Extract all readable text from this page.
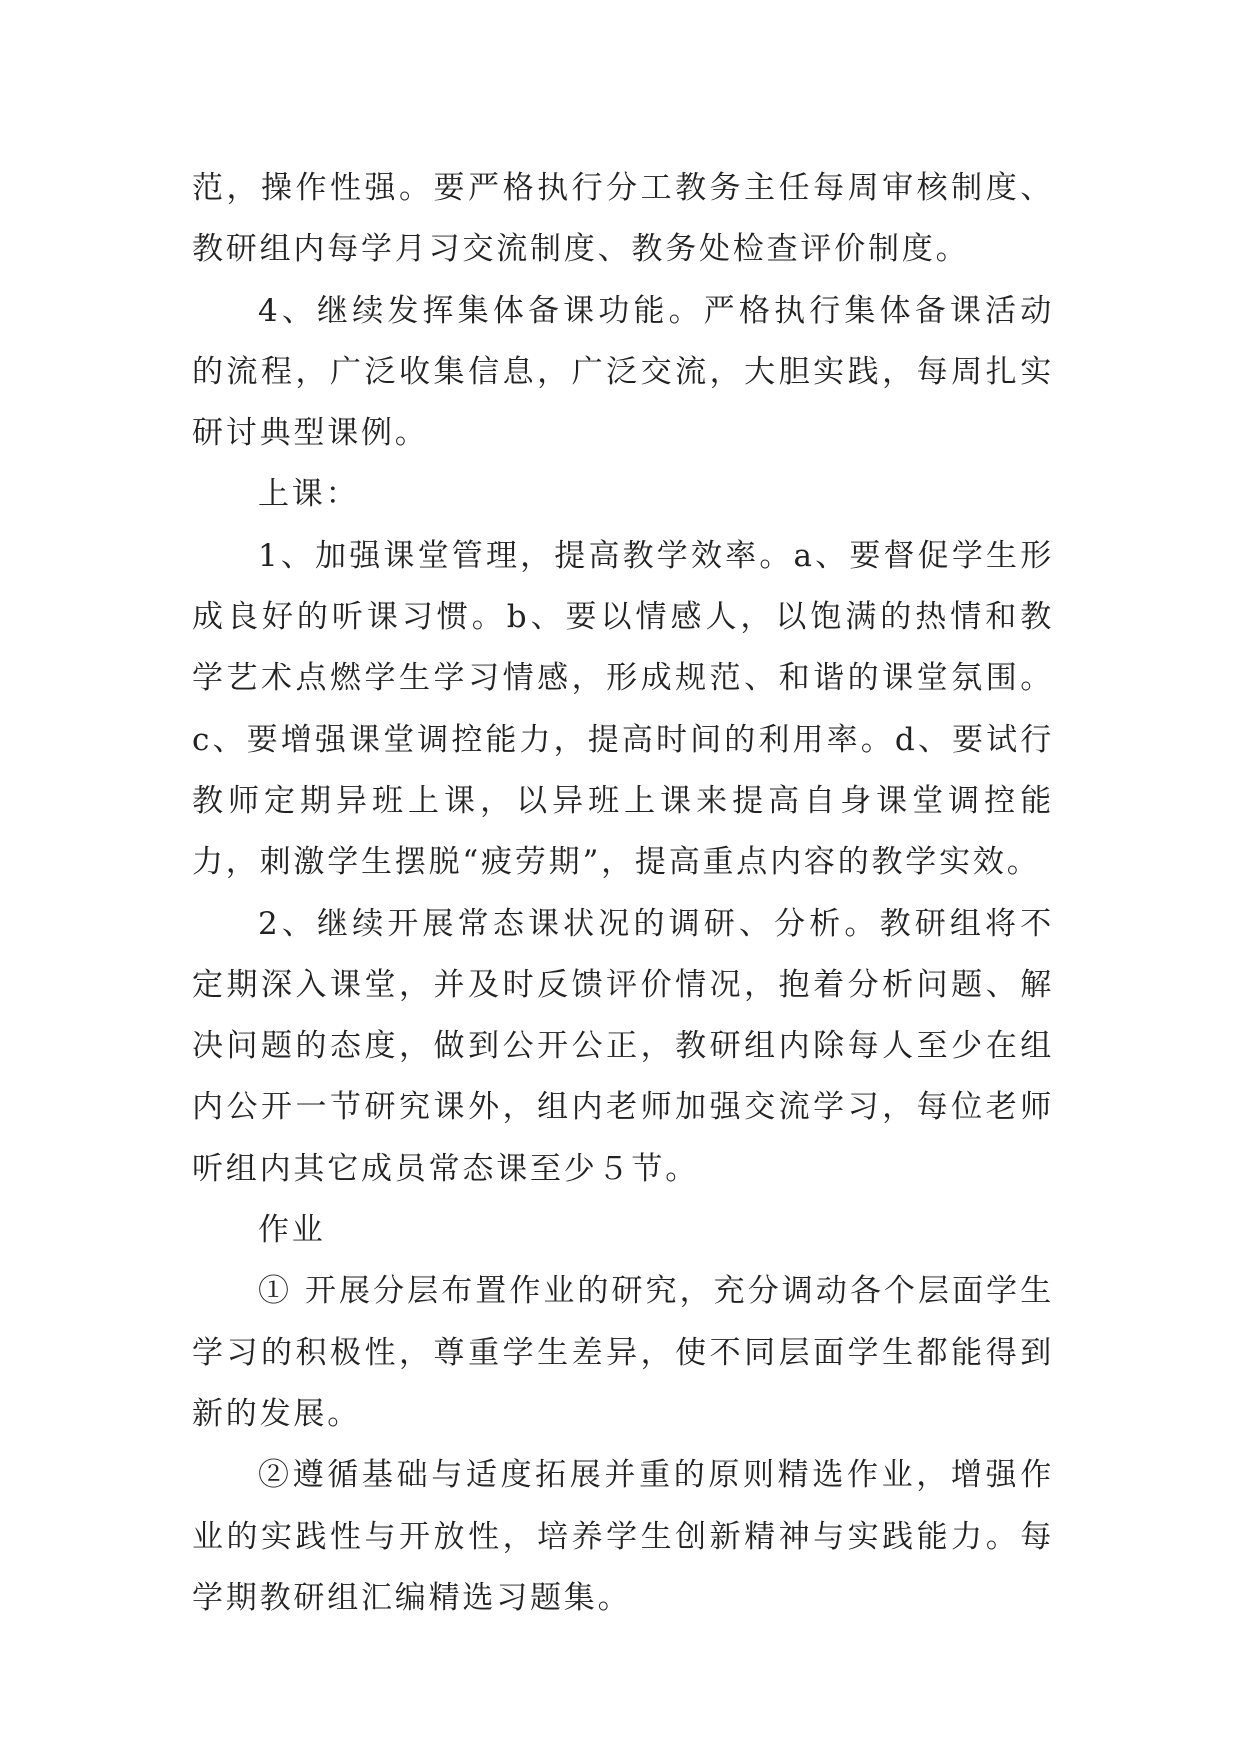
范，操作性强。要严格执行分工教务主任每周审核制度、教研组内每学月习交流制度、教务处检查评价制度。

4、继续发挥集体备课功能。严格执行集体备课活动的流程，广泛收集信息，广泛交流，大胆实践，每周扎实研讨典型课例。

上课：

1、加强课堂管理，提高教学效率。a、要督促学生形成良好的听课习惯。b、要以情感人，以饱满的热情和教学艺术点燃学生学习情感，形成规范、和谐的课堂氛围。c、要增强课堂调控能力，提高时间的利用率。d、要试行教师定期异班上课，以异班上课来提高自身课堂调控能力，刺激学生摆脱“疲劳期”，提高重点内容的教学实效。

2、继续开展常态课状况的调研、分析。教研组将不定期深入课堂，并及时反馈评价情况，抱着分析问题、解决问题的态度，做到公开公正，教研组内除每人至少在组内公开一节研究课外，组内老师加强交流学习，每位老师听组内其它成员常态课至少５节。

作业

① 开展分层布置作业的研究，充分调动各个层面学生学习的积极性，尊重学生差异，使不同层面学生都能得到新的发展。

②遵循基础与适度拓展并重的原则精选作业，增强作业的实践性与开放性，培养学生创新精神与实践能力。每学期教研组汇编精选习题集。
